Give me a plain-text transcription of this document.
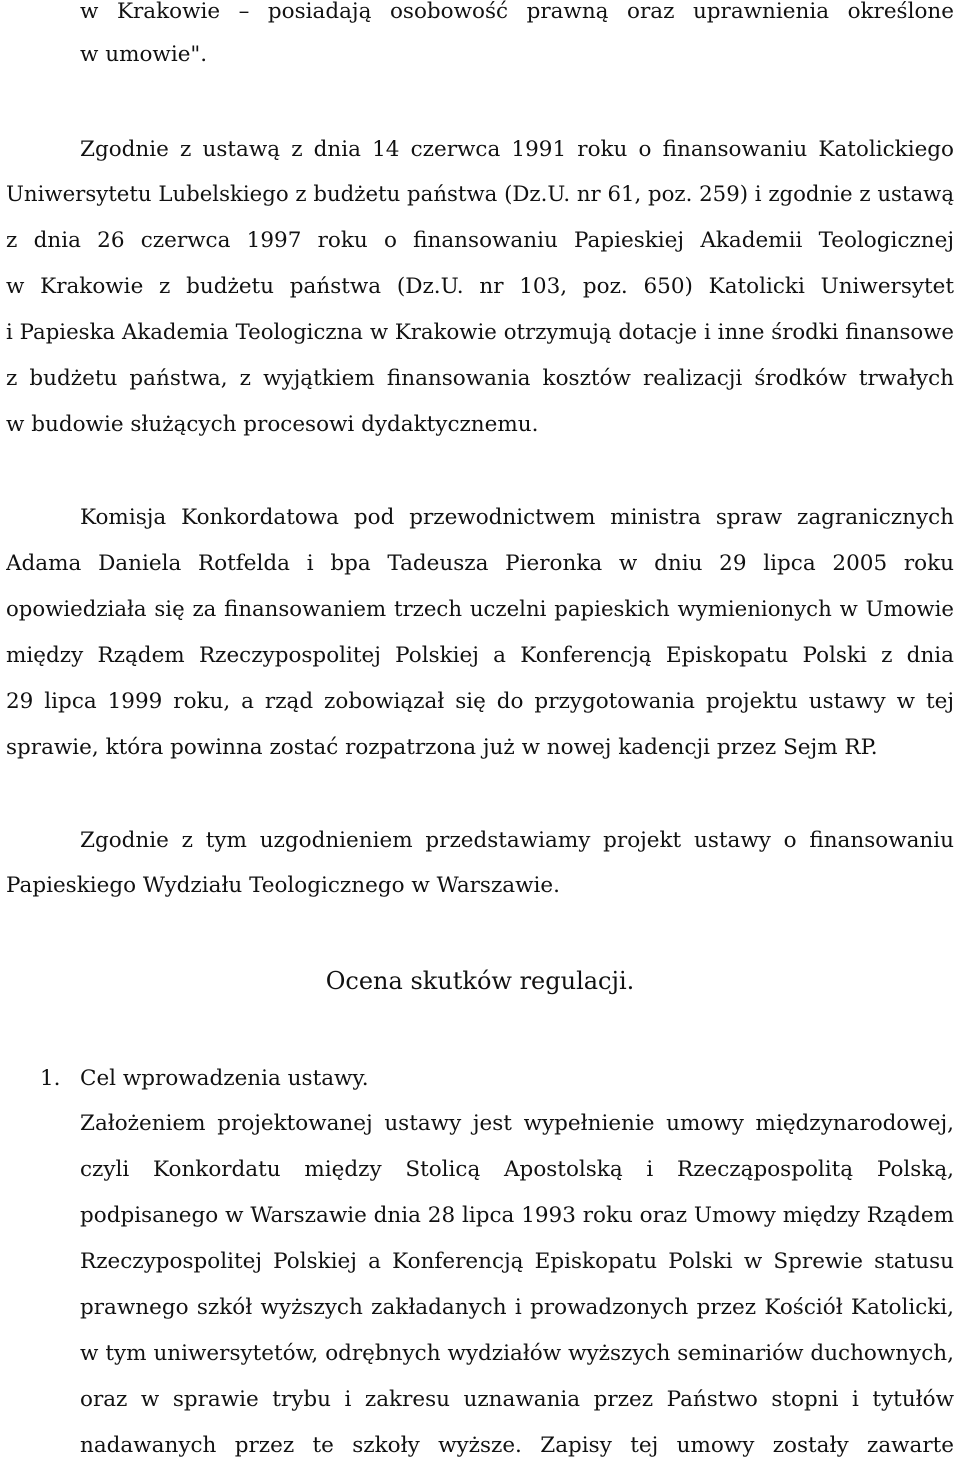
w Krakowie – posiadają osobowość prawną oraz uprawnienia określone
w umowie".
Zgodnie z ustawą z dnia 14 czerwca 1991 roku o finansowaniu Katolickiego
Uniwersytetu Lubelskiego z budżetu państwa (Dz.U. nr 61, poz. 259) i zgodnie z ustawą
z dnia 26 czerwca 1997 roku o finansowaniu Papieskiej Akademii Teologicznej
w Krakowie z budżetu państwa (Dz.U. nr 103, poz. 650) Katolicki Uniwersytet
i Papieska Akademia Teologiczna w Krakowie otrzymują dotacje i inne środki finansowe
z budżetu państwa, z wyjątkiem finansowania kosztów realizacji środków trwałych
w budowie służących procesowi dydaktycznemu.
Komisja Konkordatowa pod przewodnictwem ministra spraw zagranicznych
Adama Daniela Rotfelda i bpa Tadeusza Pieronka w dniu 29 lipca 2005 roku
opowiedziała się za finansowaniem trzech uczelni papieskich wymienionych w Umowie
między Rządem Rzeczypospolitej Polskiej a Konferencją Episkopatu Polski z dnia
29 lipca 1999 roku, a rząd zobowiązał się do przygotowania projektu ustawy w tej
sprawie, która powinna zostać rozpatrzona już w nowej kadencji przez Sejm RP.
Zgodnie z tym uzgodnieniem przedstawiamy projekt ustawy o finansowaniu
Papieskiego Wydziału Teologicznego w Warszawie.
Ocena skutków regulacji.
1. Cel wprowadzenia ustawy.
Założeniem projektowanej ustawy jest wypełnienie umowy międzynarodowej,
czyli Konkordatu między Stolicą Apostolską i Rzecząpospolitą Polską,
podpisanego w Warszawie dnia 28 lipca 1993 roku oraz Umowy między Rządem
Rzeczypospolitej Polskiej a Konferencją Episkopatu Polski w Sprewie statusu
prawnego szkół wyższych zakładanych i prowadzonych przez Kościół Katolicki,
w tym uniwersytetów, odrębnych wydziałów wyższych seminariów duchownych,
oraz w sprawie trybu i zakresu uznawania przez Państwo stopni i tytułów
nadawanych przez te szkoły wyższe. Zapisy tej umowy zostały zawarte
